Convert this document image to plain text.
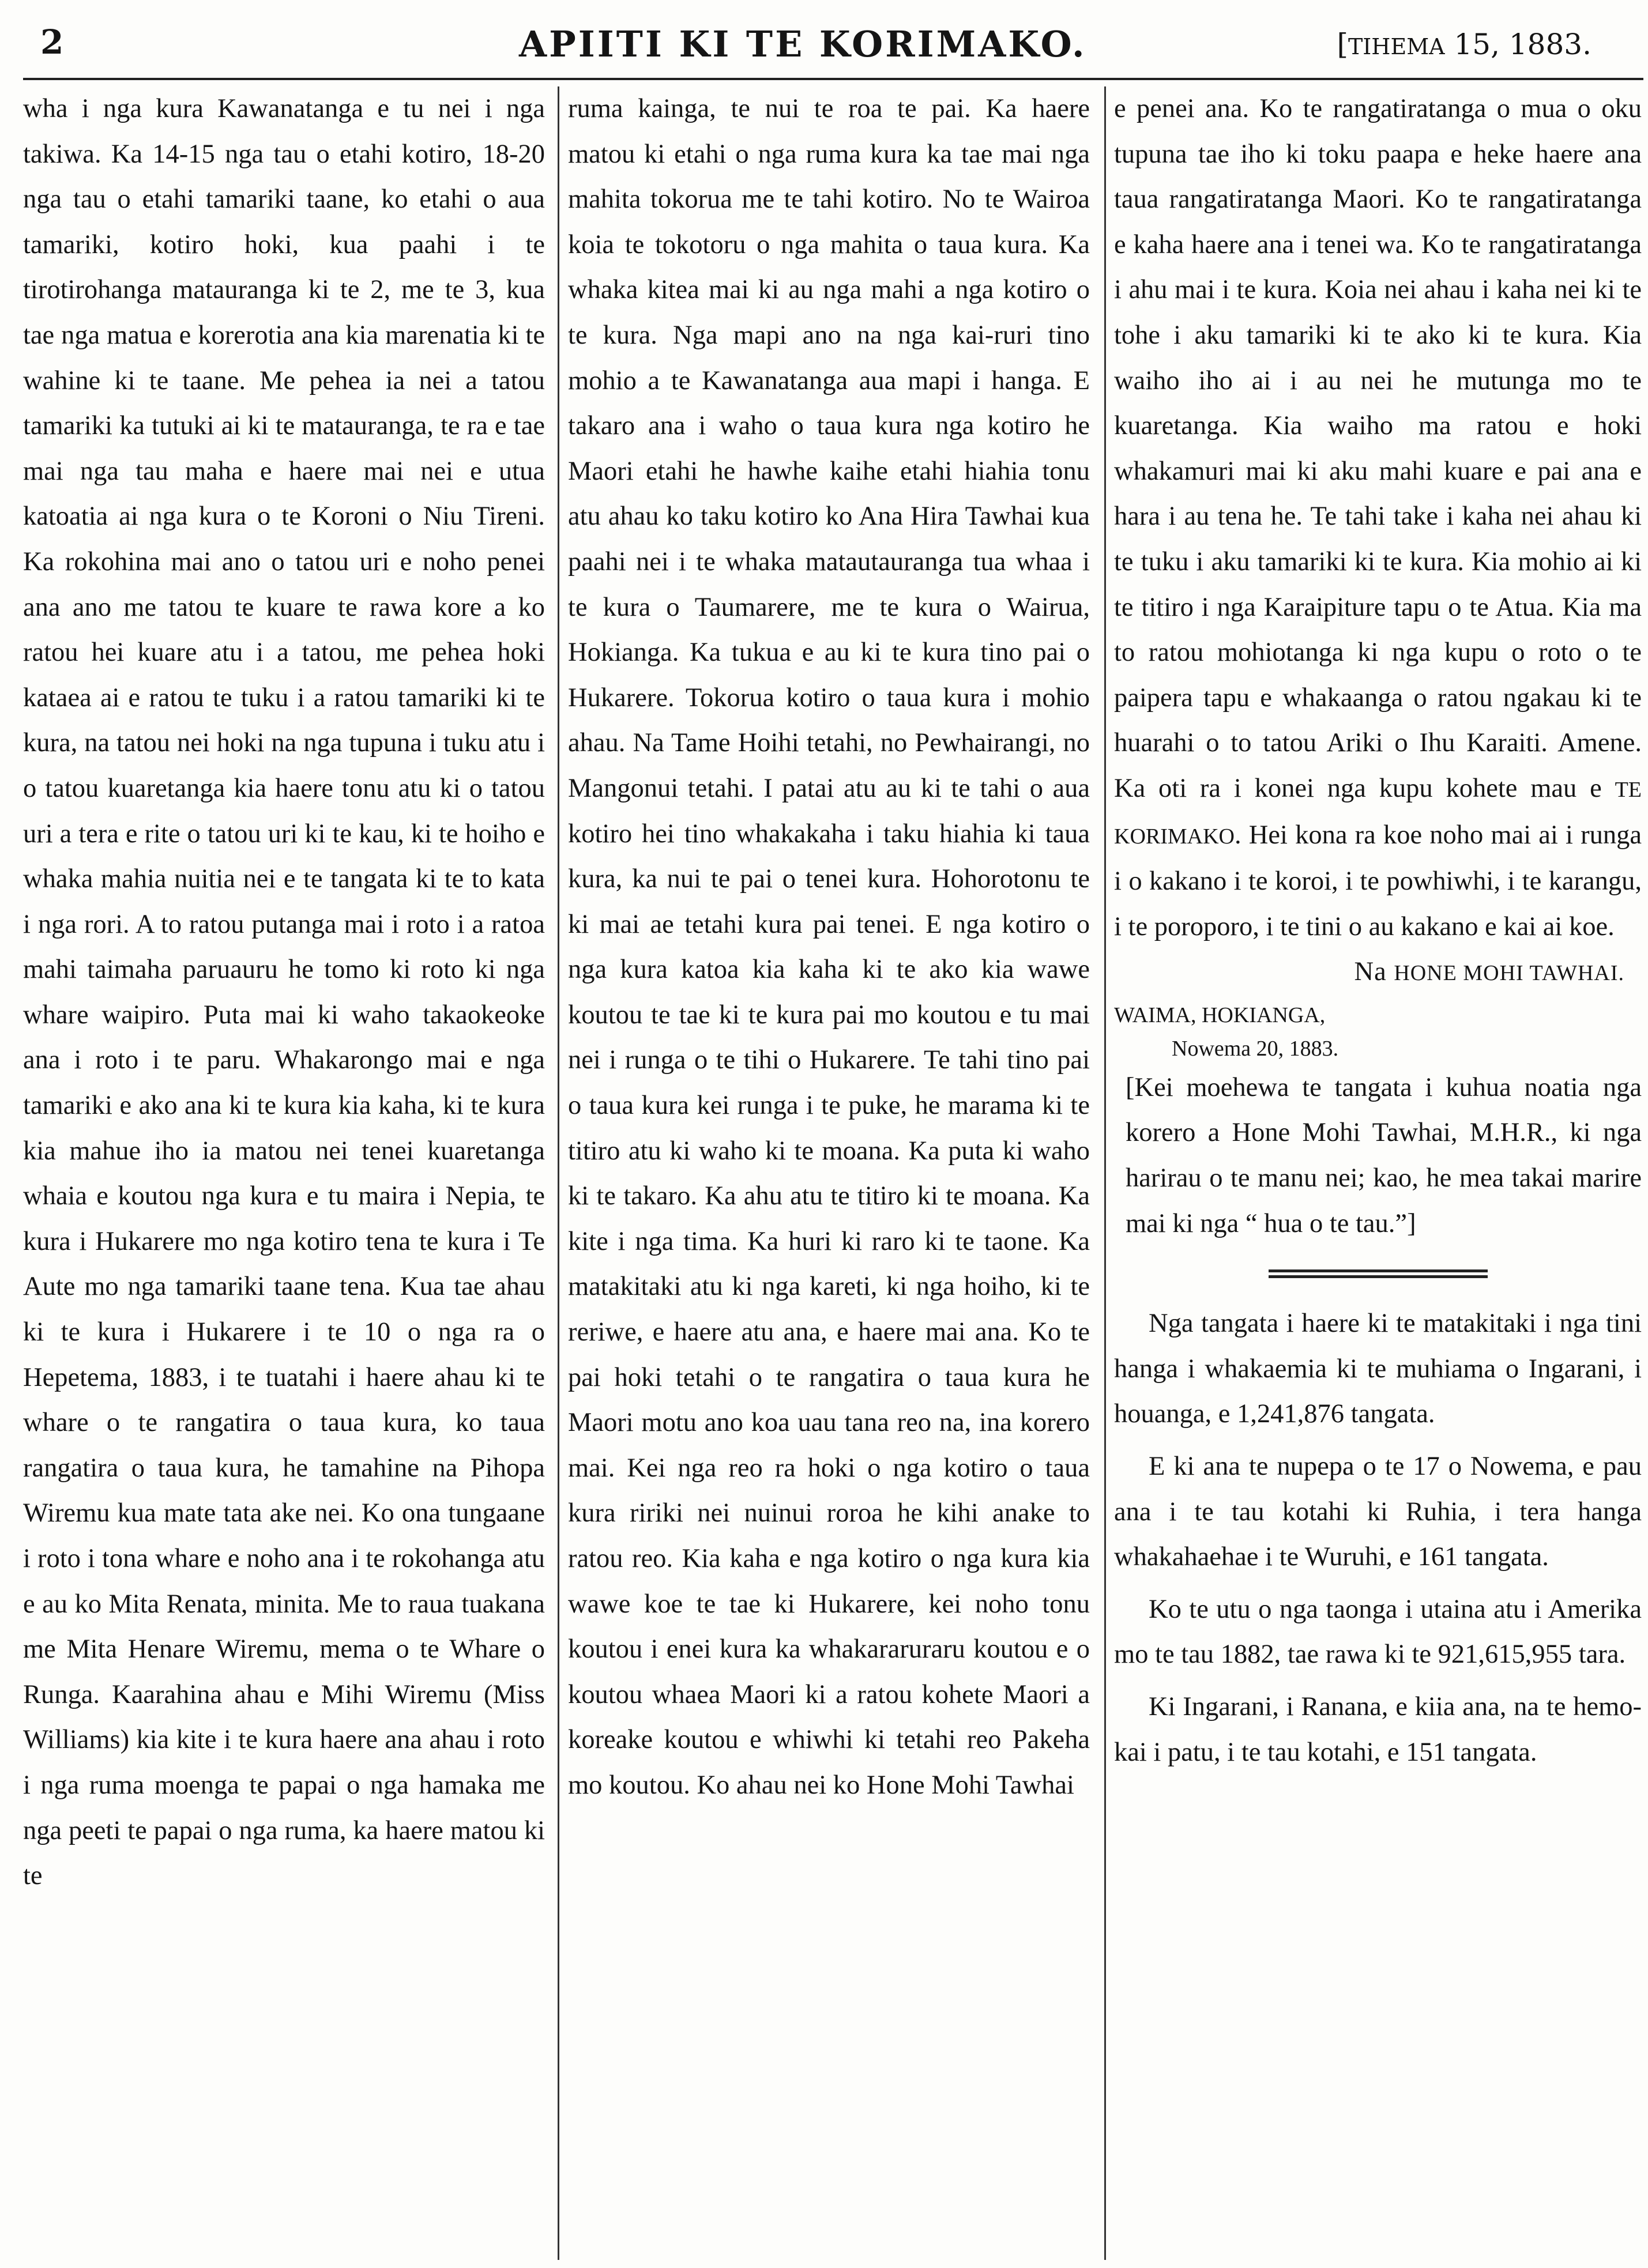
2	APIITI KI TE KORIMAKO.	[TIHEMA 15, 1883.

wha i nga kura Kawanatanga e tu nei i nga takiwa. Ka 14-15 nga tau o etahi kotiro, 18-20 nga tau o etahi tamariki taane, ko etahi o aua tamariki, kotiro hoki, kua paahi i te tirotirohanga matauranga ki te 2, me te 3, kua tae nga matua e korerotia ana kia marenatia ki te wahine ki te taane. Me pehea ia nei a tatou tamariki ka tutuki ai ki te matauranga, te ra e tae mai nga tau maha e haere mai nei e utua katoatia ai nga kura o te Koroni o Niu Tireni. Ka rokohina mai ano o tatou uri e noho penei ana ano me tatou te kuare te rawa kore a ko ratou hei kuare atu i a tatou, me pehea hoki kataea ai e ratou te tuku i a ratou tamariki ki te kura, na tatou nei hoki na nga tupuna i tuku atu i o tatou kuaretanga kia haere tonu atu ki o tatou uri a tera e rite o tatou uri ki te kau, ki te hoiho e whaka mahia nuitia nei e te tangata ki te to kata i nga rori. A to ratou putanga mai i roto i a ratoa mahi taimaha paruauru he tomo ki roto ki nga whare waipiro. Puta mai ki waho takaokeoke ana i roto i te paru. Whakarongo mai e nga tamariki e ako ana ki te kura kia kaha, ki te kura kia mahue iho ia matou nei tenei kuaretanga whaia e koutou nga kura e tu maira i Nepia, te kura i Hukarere mo nga kotiro tena te kura i Te Aute mo nga tamariki taane tena. Kua tae ahau ki te kura i Hukarere i te 10 o nga ra o Hepetema, 1883, i te tuatahi i haere ahau ki te whare o te rangatira o taua kura, ko taua rangatira o taua kura, he tamahine na Pihopa Wiremu kua mate tata ake nei. Ko ona tungaane i roto i tona whare e noho ana i te rokohanga atu e au ko Mita Renata, minita. Me to raua tuakana me Mita Henare Wiremu, mema o te Whare o Runga. Kaarahina ahau e Mihi Wiremu (Miss Williams) kia kite i te kura haere ana ahau i roto i nga ruma moenga te papai o nga hamaka me nga peeti te papai o nga ruma, ka haere matou ki te

ruma kainga, te nui te roa te pai. Ka haere matou ki etahi o nga ruma kura ka tae mai nga mahita tokorua me te tahi kotiro. No te Wairoa koia te tokotoru o nga mahita o taua kura. Ka whaka kitea mai ki au nga mahi a nga kotiro o te kura. Nga mapi ano na nga kai-ruri tino mohio a te Kawanatanga aua mapi i hanga. E takaro ana i waho o taua kura nga kotiro he Maori etahi he hawhe kaihe etahi hiahia tonu atu ahau ko taku kotiro ko Ana Hira Tawhai kua paahi nei i te whaka matautauranga tua whaa i te kura o Taumarere, me te kura o Wairua, Hokianga. Ka tukua e au ki te kura tino pai o Hukarere. Tokorua kotiro o taua kura i mohio ahau. Na Tame Hoihi tetahi, no Pewhairangi, no Mangonui tetahi. I patai atu au ki te tahi o aua kotiro hei tino whakakaha i taku hiahia ki taua kura, ka nui te pai o tenei kura. Hohorotonu te ki mai ae tetahi kura pai tenei. E nga kotiro o nga kura katoa kia kaha ki te ako kia wawe koutou te tae ki te kura pai mo koutou e tu mai nei i runga o te tihi o Hukarere. Te tahi tino pai o taua kura kei runga i te puke, he marama ki te titiro atu ki waho ki te moana. Ka puta ki waho ki te takaro. Ka ahu atu te titiro ki te moana. Ka kite i nga tima. Ka huri ki raro ki te taone. Ka matakitaki atu ki nga kareti, ki nga hoiho, ki te reriwe, e haere atu ana, e haere mai ana. Ko te pai hoki tetahi o te rangatira o taua kura he Maori motu ano koa uau tana reo na, ina korero mai. Kei nga reo ra hoki o nga kotiro o taua kura ririki nei nuinui roroa he kihi anake to ratou reo. Kia kaha e nga kotiro o nga kura kia wawe koe te tae ki Hukarere, kei noho tonu koutou i enei kura ka whakararuraru koutou e o koutou whaea Maori ki a ratou kohete Maori a koreake koutou e whiwhi ki tetahi reo Pakeha mo koutou. Ko ahau nei ko Hone Mohi Tawhai

e penei ana. Ko te rangatiratanga o mua o oku tupuna tae iho ki toku paapa e heke haere ana taua rangatiratanga Maori. Ko te rangatiratanga e kaha haere ana i tenei wa. Ko te rangatiratanga i ahu mai i te kura. Koia nei ahau i kaha nei ki te tohe i aku tamariki ki te ako ki te kura. Kia waiho iho ai i au nei he mutunga mo te kuaretanga. Kia waiho ma ratou e hoki whakamuri mai ki aku mahi kuare e pai ana e hara i au tena he. Te tahi take i kaha nei ahau ki te tuku i aku tamariki ki te kura. Kia mohio ai ki te titiro i nga Karaipiture tapu o te Atua. Kia ma to ratou mohiotanga ki nga kupu o roto o te paipera tapu e whakaanga o ratou ngakau ki te huarahi o to tatou Ariki o Ihu Karaiti. Amene. Ka oti ra i konei nga kupu kohete mau e TE KORIMAKO. Hei kona ra koe noho mai ai i runga i o kakano i te koroi, i te powhiwhi, i te karangu, i te poroporo, i te tini o au kakano e kai ai koe.

Na HONE MOHI TAWHAI.

WAIMA, HOKIANGA,
Nowema 20, 1883.

[Kei moehewa te tangata i kuhua noatia nga korero a Hone Mohi Tawhai, M.H.R., ki nga harirau o te manu nei; kao, he mea takai marire mai ki nga “ hua o te tau.”]

Nga tangata i haere ki te matakitaki i nga tini hanga i whakaemia ki te muhiama o Ingarani, i houanga, e 1,241,876 tangata.

E ki ana te nupepa o te 17 o Nowema, e pau ana i te tau kotahi ki Ruhia, i tera hanga whakahaehae i te Wuruhi, e 161 tangata.

Ko te utu o nga taonga i utaina atu i Amerika mo te tau 1882, tae rawa ki te 921,615,955 tara.

Ki Ingarani, i Ranana, e kiia ana, na te hemo-kai i patu, i te tau kotahi, e 151 tangata.
